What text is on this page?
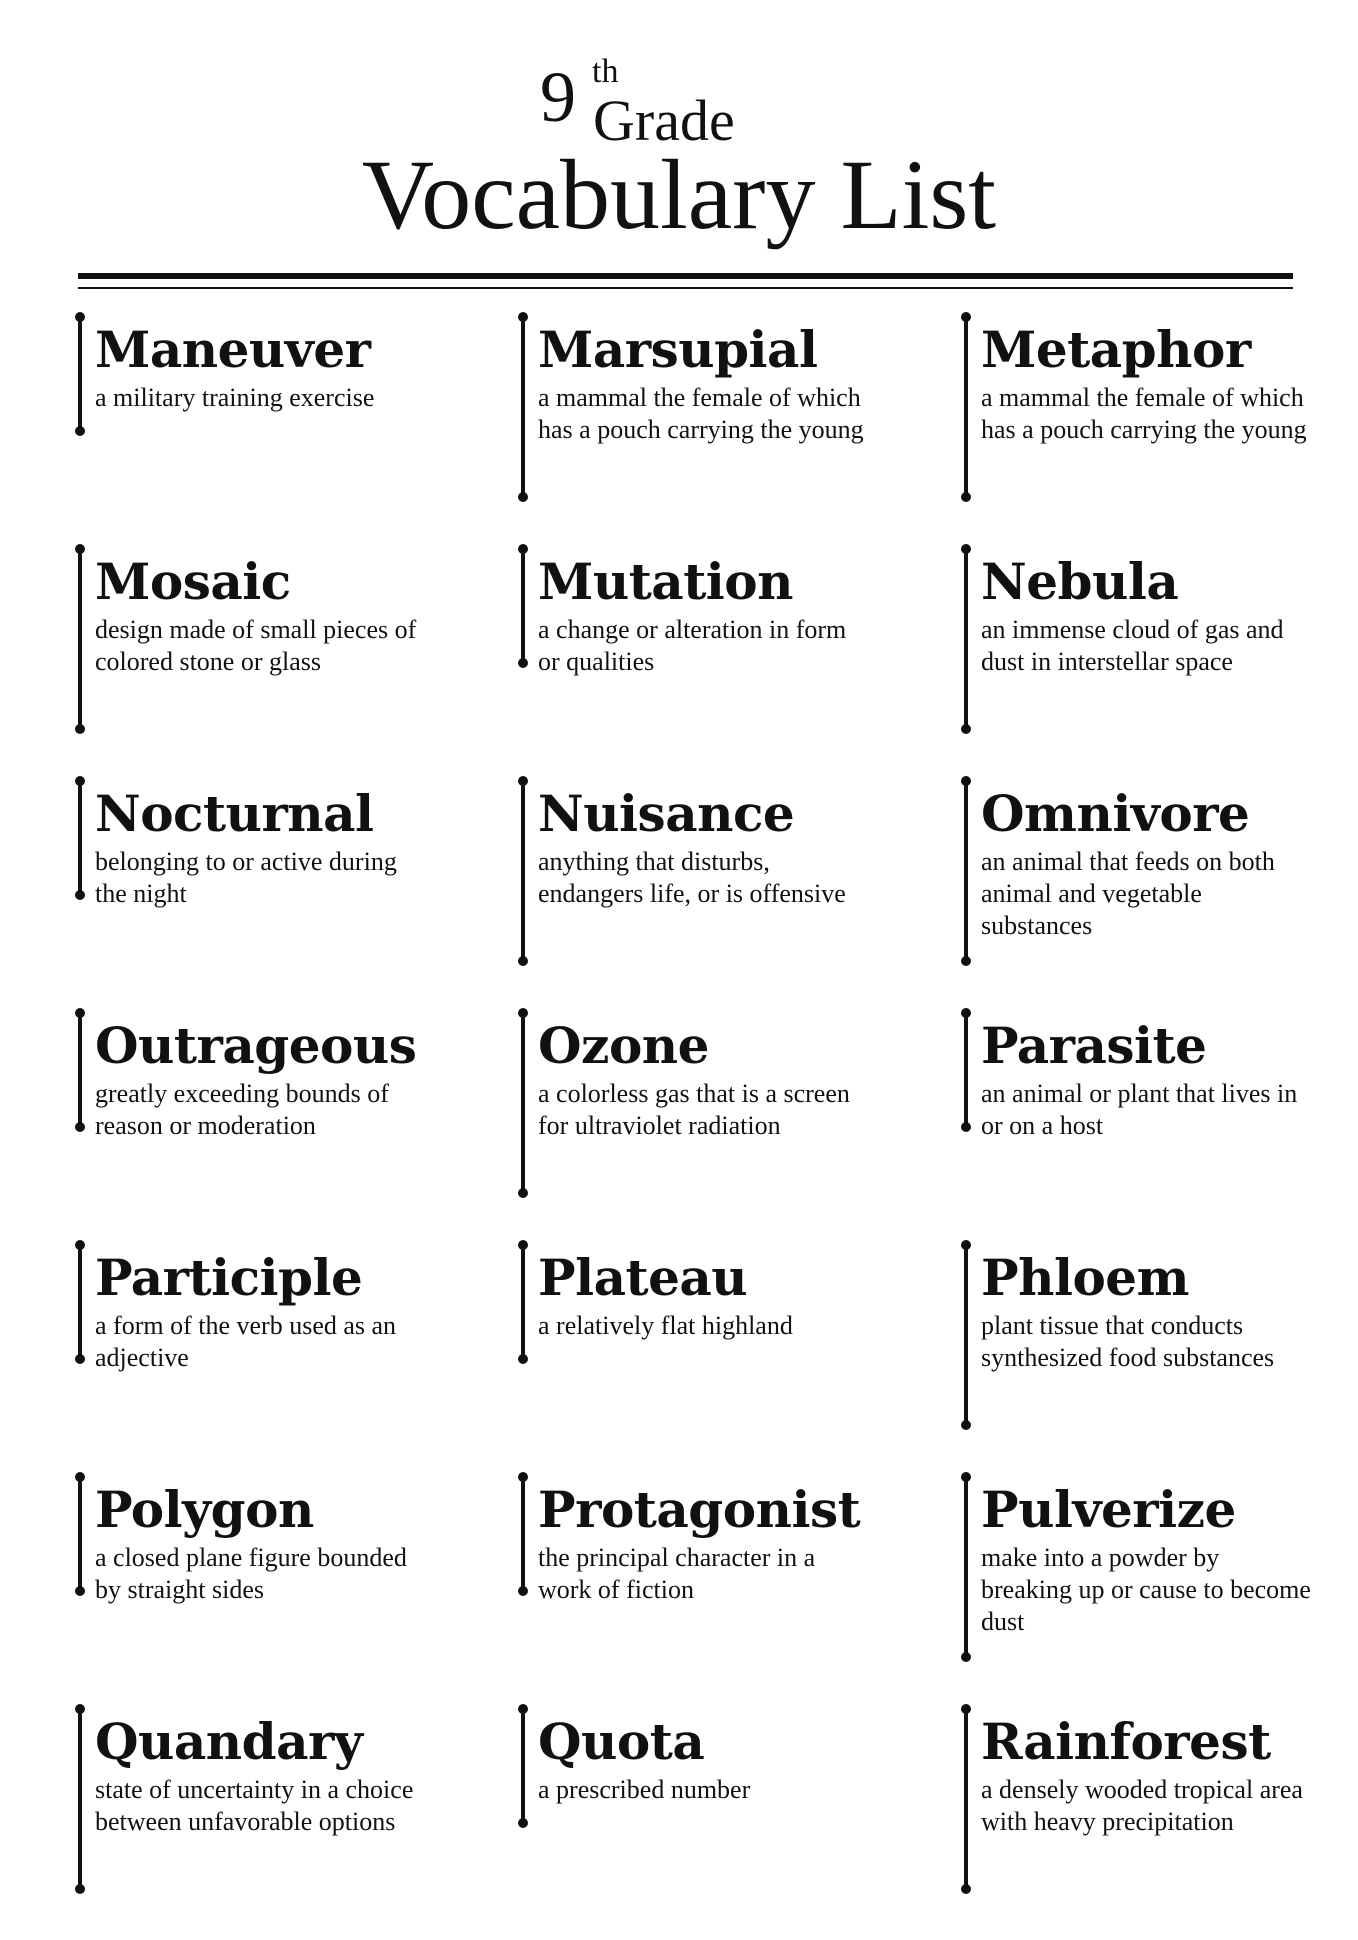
9 th
Grade
Vocabulary List
Maneuver
a military training exercise
Marsupial
a mammal the female of which has a pouch carrying the young
Metaphor
a mammal the female of which has a pouch carrying the young
Mosaic
design made of small pieces of colored stone or glass
Mutation
a change or alteration in form or qualities
Nebula
an immense cloud of gas and dust in interstellar space
Nocturnal
belonging to or active during the night
Nuisance
anything that disturbs, endangers life, or is offensive
Omnivore
an animal that feeds on both animal and vegetable substances
Outrageous
greatly exceeding bounds of reason or moderation
Ozone
a colorless gas that is a screen for ultraviolet radiation
Parasite
an animal or plant that lives in or on a host
Participle
a form of the verb used as an adjective
Plateau
a relatively flat highland
Phloem
plant tissue that conducts synthesized food substances
Polygon
a closed plane figure bounded by straight sides
Protagonist
the principal character in a work of fiction
Pulverize
make into a powder by breaking up or cause to become dust
Quandary
state of uncertainty in a choice between unfavorable options
Quota
a prescribed number
Rainforest
a densely wooded tropical area with heavy precipitation
